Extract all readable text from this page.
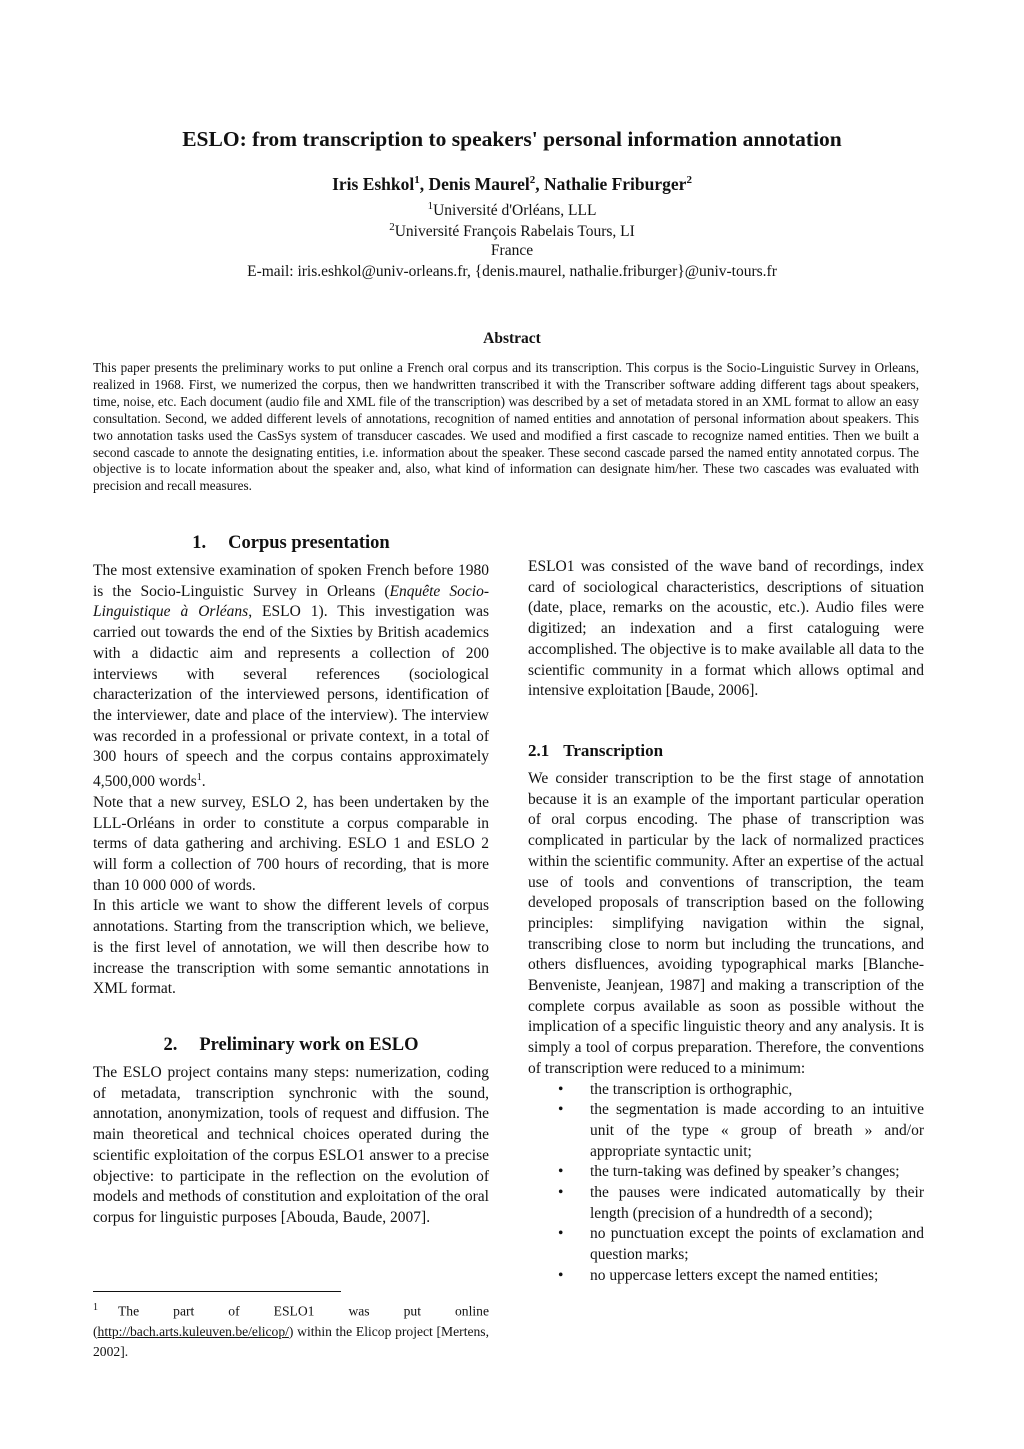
ESLO: from transcription to speakers' personal information annotation
Iris Eshkol$^1$, Denis Maurel$^2$, Nathalie Friburger$^2$
$^1$Université d'Orléans, LLL
$^2$Université François Rabelais Tours, LI
France
E-mail: iris.eshkol@univ-orleans.fr, {denis.maurel, nathalie.friburger}@univ-tours.fr
Abstract

This paper presents the preliminary works to put online a French oral corpus and its transcription. This corpus is the Socio-Linguistic Survey in Orleans, realized in 1968. First, we numerized the corpus, then we handwritten transcribed it with the Transcriber software adding different tags about speakers, time, noise, etc. Each document (audio file and XML file of the transcription) was described by a set of metadata stored in an XML format to allow an easy consultation. Second, we added different levels of annotations, recognition of named entities and annotation of personal information about speakers. This two annotation tasks used the CasSys system of transducer cascades. We used and modified a first cascade to recognize named entities. Then we built a second cascade to annote the designating entities, i.e. information about the speaker. These second cascade parsed the named entity annotated corpus. The objective is to locate information about the speaker and, also, what kind of information can designate him/her. These two cascades was evaluated with precision and recall measures.

1. Corpus presentation

The most extensive examination of spoken French before 1980 is the Socio-Linguistic Survey in Orleans (Enquête Socio-Linguistique à Orléans, ESLO 1). This investigation was carried out towards the end of the Sixties by British academics with a didactic aim and represents a collection of 200 interviews with several references (sociological characterization of the interviewed persons, identification of the interviewer, date and place of the interview). The interview was recorded in a professional or private context, in a total of 300 hours of speech and the corpus contains approximately 4,500,000 words$^1$.

Note that a new survey, ESLO 2, has been undertaken by the LLL-Orléans in order to constitute a corpus comparable in terms of data gathering and archiving. ESLO 1 and ESLO 2 will form a collection of 700 hours of recording, that is more than 10 000 000 of words.

In this article we want to show the different levels of corpus annotations. Starting from the transcription which, we believe, is the first level of annotation, we will then describe how to increase the transcription with some semantic annotations in XML format.

2. Preliminary work on ESLO

The ESLO project contains many steps: numerization, coding of metadata, transcription synchronic with the sound, annotation, anonymization, tools of request and diffusion. The main theoretical and technical choices operated during the scientific exploitation of the corpus ESLO1 answer to a precise objective: to participate in the reflection on the evolution of models and methods of constitution and exploitation of the oral corpus for linguistic purposes [Abouda, Baude, 2007].

ESLO1 was consisted of the wave band of recordings, index card of sociological characteristics, descriptions of situation (date, place, remarks on the acoustic, etc.). Audio files were digitized; an indexation and a first cataloguing were accomplished. The objective is to make available all data to the scientific community in a format which allows optimal and intensive exploitation [Baude, 2006].

2.1 Transcription

We consider transcription to be the first stage of annotation because it is an example of the important particular operation of oral corpus encoding. The phase of transcription was complicated in particular by the lack of normalized practices within the scientific community. After an expertise of the actual use of tools and conventions of transcription, the team developed proposals of transcription based on the following principles: simplifying navigation within the signal, transcribing close to norm but including the truncations, and others disfluences, avoiding typographical marks [Blanche-Benveniste, Jeanjean, 1987] and making a transcription of the complete corpus available as soon as possible without the implication of a specific linguistic theory and any analysis. It is simply a tool of corpus preparation. Therefore, the conventions of transcription were reduced to a minimum:

• the transcription is orthographic,
• the segmentation is made according to an intuitive unit of the type « group of breath » and/or appropriate syntactic unit;
• the turn-taking was defined by speaker’s changes;
• the pauses were indicated automatically by their length (precision of a hundredth of a second);
• no punctuation except the points of exclamation and question marks;
• no uppercase letters except the named entities;

$^1$ The part of ESLO1 was put online (http://bach.arts.kuleuven.be/elicop/) within the Elicop project [Mertens, 2002].
